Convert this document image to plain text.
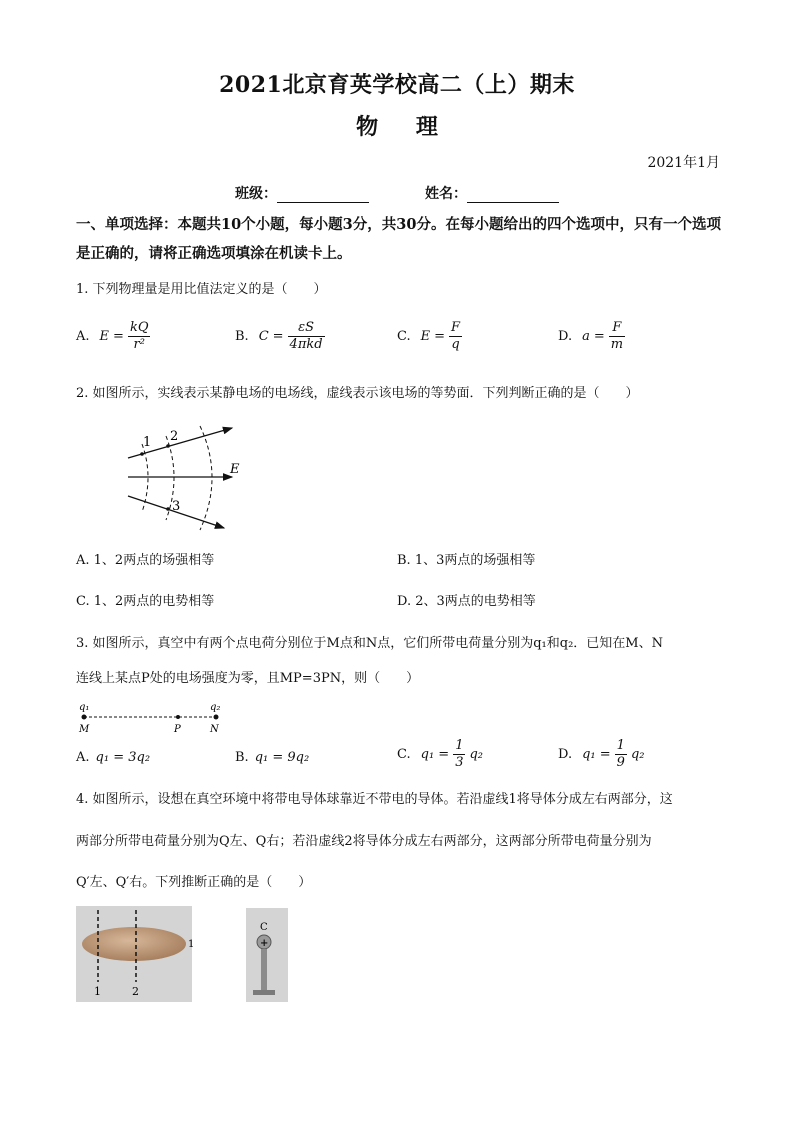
2021北京育英学校高二（上）期末
物 理
2021年1月
班级：	姓名：
一、单项选择：本题共10个小题，每小题3分，共30分。在每小题给出的四个选项中，只有一个选项是正确的，请将正确选项填涂在机读卡上。
1. 下列物理量是用比值法定义的是（　　）
A. $E = \frac{kQ}{\text{r²}}$	B. $C = \frac{\varepsilon S}{\text{4πkd}}$	C. $E = \frac{F}{q}$	D. $a = \frac{F}{m}$
2. 如图所示，实线表示某静电场的电场线，虚线表示该电场的等势面．下列判断正确的是（　　）
1 2
3
E
A. 1、2两点的场强相等	B. 1、3两点的场强相等
C. 1、2两点的电势相等	D. 2、3两点的电势相等
3. 如图所示，真空中有两个点电荷分别位于M点和N点，它们所带电荷量分别为q₁和q₂．已知在M、N
连线上某点P处的电场强度为零，且MP=3PN，则（　　）
q₁	q₂
M	P	N
A. q₁ = 3q₂	B. q₁ = 9q₂	C. $q_1 = \frac{1}{3} q_2$	D. $q_1 = \frac{1}{9} q_2$
4. 如图所示，设想在真空环境中将带电导体球靠近不带电的导体。若沿虚线1将导体分成左右两部分，这
两部分所带电荷量分别为Q左、Q右；若沿虚线2将导体分成左右两部分，这两部分所带电荷量分别为
Q′左、Q′右。下列推断正确的是（　　）
1	2
1	+
C
